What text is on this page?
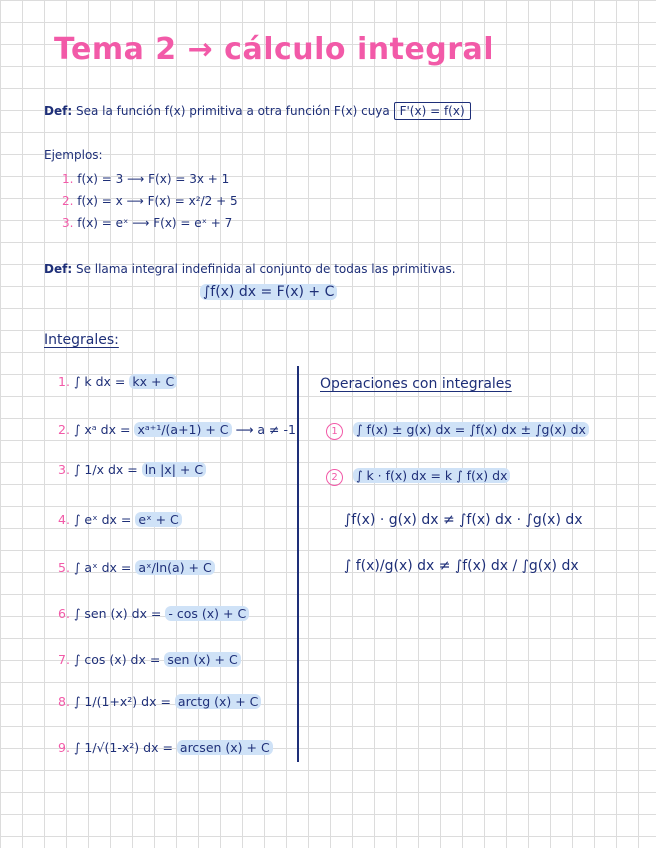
Tema 2 → cálculo integral
Def: Sea la función f(x) primitiva a otra función F(x) cuya F'(x) = f(x)
Ejemplos:
1. f(x) = 3 ⟶ F(x) = 3x + 1
2. f(x) = x ⟶ F(x) = x²/2 + 5
3. f(x) = eˣ ⟶ F(x) = eˣ + 7
Def: Se llama integral indefinida al conjunto de todas las primitivas.
∫f(x) dx = F(x) + C
Integrales:
1. ∫ k dx = kx + C
2. ∫ xᵃ dx = xᵃ⁺¹/(a+1) + C ⟶ a ≠ -1
3. ∫ 1/x dx = ln |x| + C
4. ∫ eˣ dx = eˣ + C
5. ∫ aˣ dx = aˣ/ln(a) + C
6. ∫ sen (x) dx = - cos (x) + C
7. ∫ cos (x) dx = sen (x) + C
8. ∫ 1/(1+x²) dx = arctg (x) + C
9. ∫ 1/√(1-x²) dx = arcsen (x) + C
Operaciones con integrales
1 ∫ f(x) ± g(x) dx = ∫f(x) dx ± ∫g(x) dx
2 ∫ k · f(x) dx = k ∫ f(x) dx
∫f(x) · g(x) dx ≠ ∫f(x) dx · ∫g(x) dx
∫ f(x)/g(x) dx ≠ ∫f(x) dx / ∫g(x) dx
